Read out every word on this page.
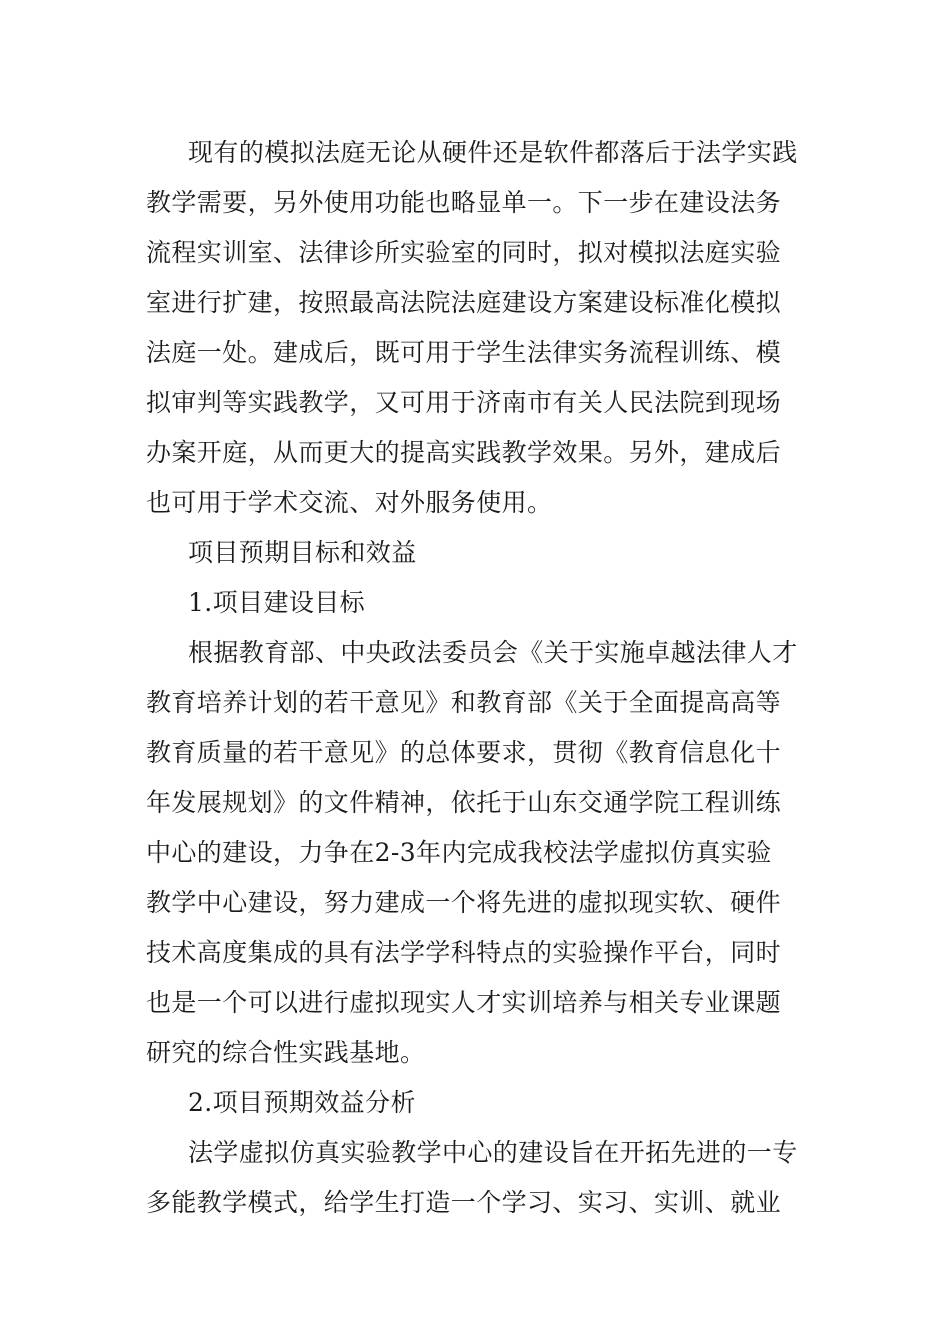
现有的模拟法庭无论从硬件还是软件都落后于法学实践
教学需要，另外使用功能也略显单一。下一步在建设法务
流程实训室、法律诊所实验室的同时，拟对模拟法庭实验
室进行扩建，按照最高法院法庭建设方案建设标准化模拟
法庭一处。建成后，既可用于学生法律实务流程训练、模
拟审判等实践教学，又可用于济南市有关人民法院到现场
办案开庭，从而更大的提高实践教学效果。另外，建成后
也可用于学术交流、对外服务使用。
项目预期目标和效益
1.项目建设目标
根据教育部、中央政法委员会《关于实施卓越法律人才
教育培养计划的若干意见》和教育部《关于全面提高高等
教育质量的若干意见》的总体要求，贯彻《教育信息化十
年发展规划》的文件精神，依托于山东交通学院工程训练
中心的建设，力争在2-3年内完成我校法学虚拟仿真实验
教学中心建设，努力建成一个将先进的虚拟现实软、硬件
技术高度集成的具有法学学科特点的实验操作平台，同时
也是一个可以进行虚拟现实人才实训培养与相关专业课题
研究的综合性实践基地。
2.项目预期效益分析
法学虚拟仿真实验教学中心的建设旨在开拓先进的一专
多能教学模式，给学生打造一个学习、实习、实训、就业
